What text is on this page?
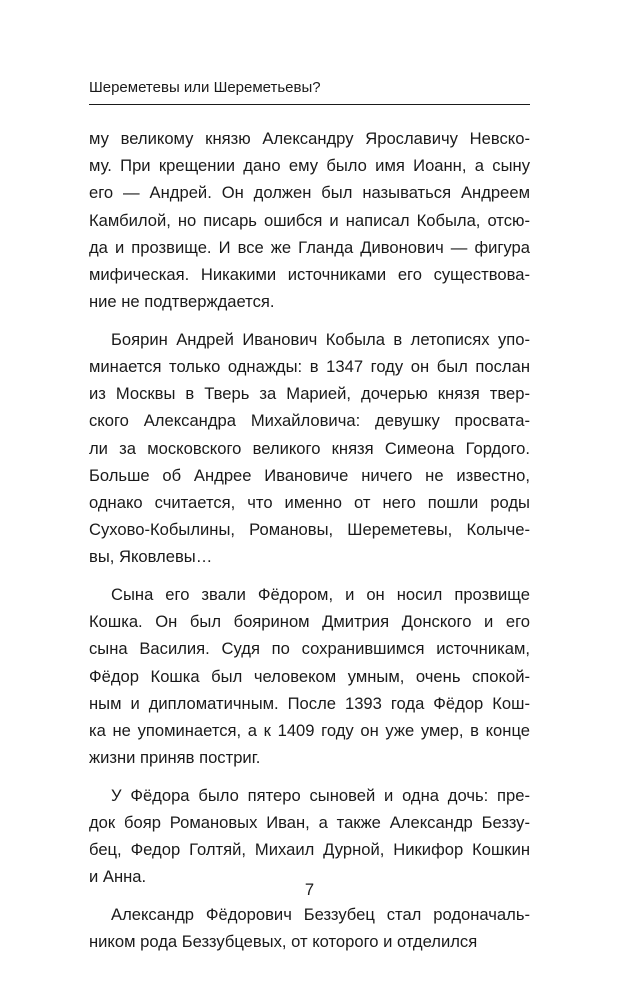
Шереметевы или Шереметьевы?
му великому князю Александру Ярославичу Невско-
му. При крещении дано ему было имя Иоанн, а сыну
его — Андрей. Он должен был называться Андреем
Камбилой, но писарь ошибся и написал Кобыла, отсю-
да и прозвище. И все же Гланда Дивонович — фигура
мифическая. Никакими источниками его существова-
ние не подтверждается.
Боярин Андрей Иванович Кобыла в летописях упо-
минается только однажды: в 1347 году он был послан
из Москвы в Тверь за Марией, дочерью князя твер-
ского Александра Михайловича: девушку просвата-
ли за московского великого князя Симеона Гордого.
Больше об Андрее Ивановиче ничего не известно,
однако считается, что именно от него пошли роды
Сухово-Кобылины, Романовы, Шереметевы, Колыче-
вы, Яковлевы…
Сына его звали Фёдором, и он носил прозвище
Кошка. Он был боярином Дмитрия Донского и его
сына Василия. Судя по сохранившимся источникам,
Фёдор Кошка был человеком умным, очень спокой-
ным и дипломатичным. После 1393 года Фёдор Кош-
ка не упоминается, а к 1409 году он уже умер, в конце
жизни приняв постриг.
У Фёдора было пятеро сыновей и одна дочь: пре-
док бояр Романовых Иван, а также Александр Беззу-
бец, Федор Голтяй, Михаил Дурной, Никифор Кошкин
и Анна.
Александр Фёдорович Беззубец стал родоначаль-
ником рода Беззубцевых, от которого и отделился
7
